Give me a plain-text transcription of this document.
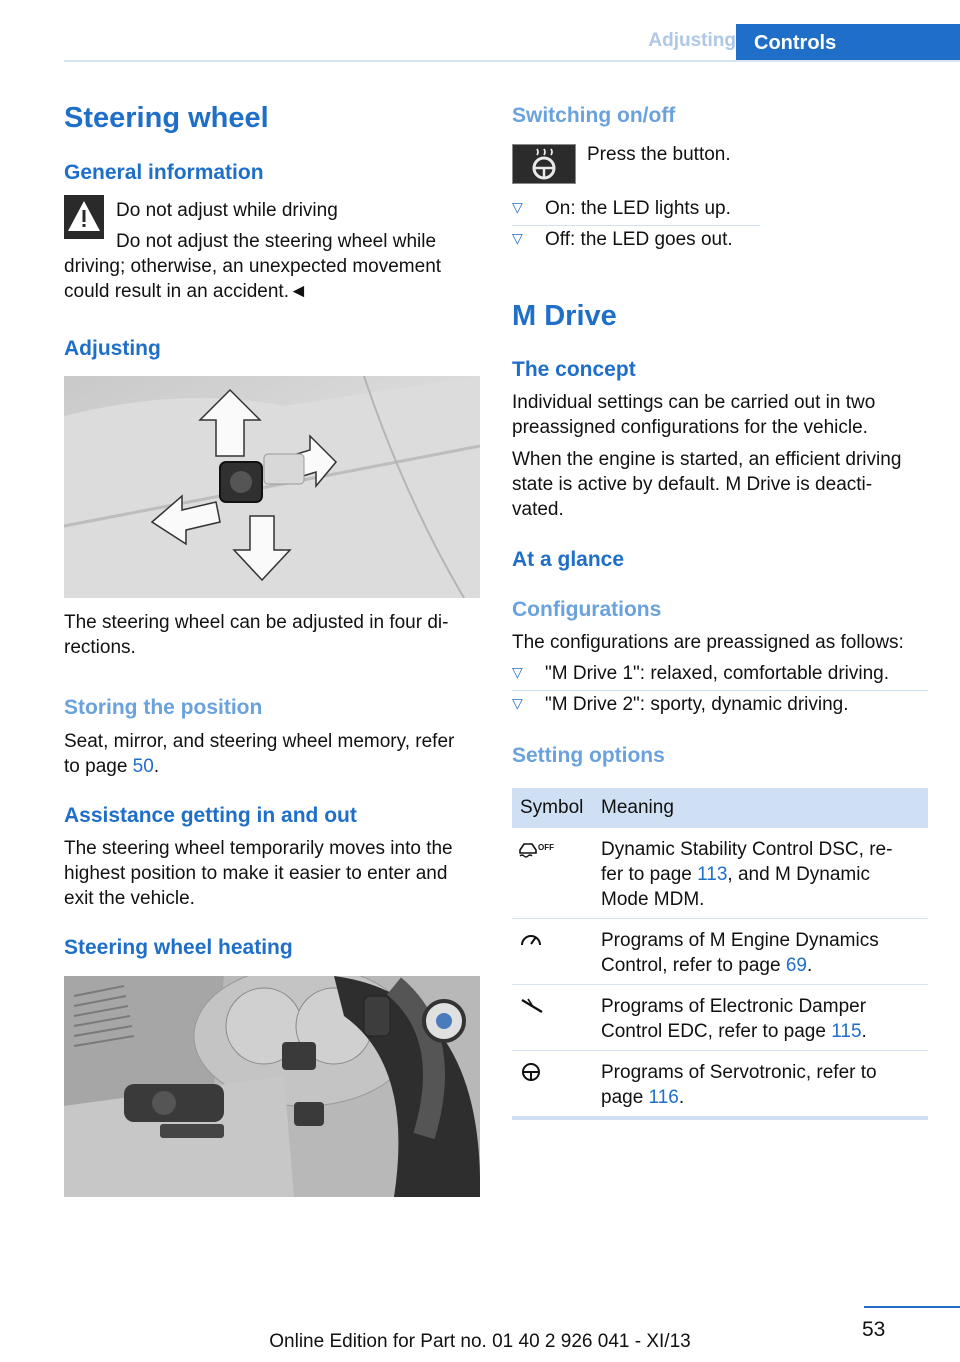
Adjusting Controls
Steering wheel
General information
Do not adjust while driving
Do not adjust the steering wheel while
driving; otherwise, an unexpected movement
could result in an accident.◄
Adjusting
The steering wheel can be adjusted in four di-
rections.
Storing the position
Seat, mirror, and steering wheel memory, refer
to page 50.
Assistance getting in and out
The steering wheel temporarily moves into the
highest position to make it easier to enter and
exit the vehicle.
Steering wheel heating
Switching on/off
Press the button.
▽ On: the LED lights up.
▽ Off: the LED goes out.
M Drive
The concept
Individual settings can be carried out in two
preassigned configurations for the vehicle.
When the engine is started, an efficient driving
state is active by default. M Drive is deacti-
vated.
At a glance
Configurations
The configurations are preassigned as follows:
▽ "M Drive 1": relaxed, comfortable driving.
▽ "M Drive 2": sporty, dynamic driving.
Setting options
Symbol Meaning
OFF Dynamic Stability Control DSC, re-
fer to page 113, and M Dynamic
Mode MDM.
Programs of M Engine Dynamics
Control, refer to page 69.
Programs of Electronic Damper
Control EDC, refer to page 115.
Programs of Servotronic, refer to
page 116.
53
Online Edition for Part no. 01 40 2 926 041 - XI/13
